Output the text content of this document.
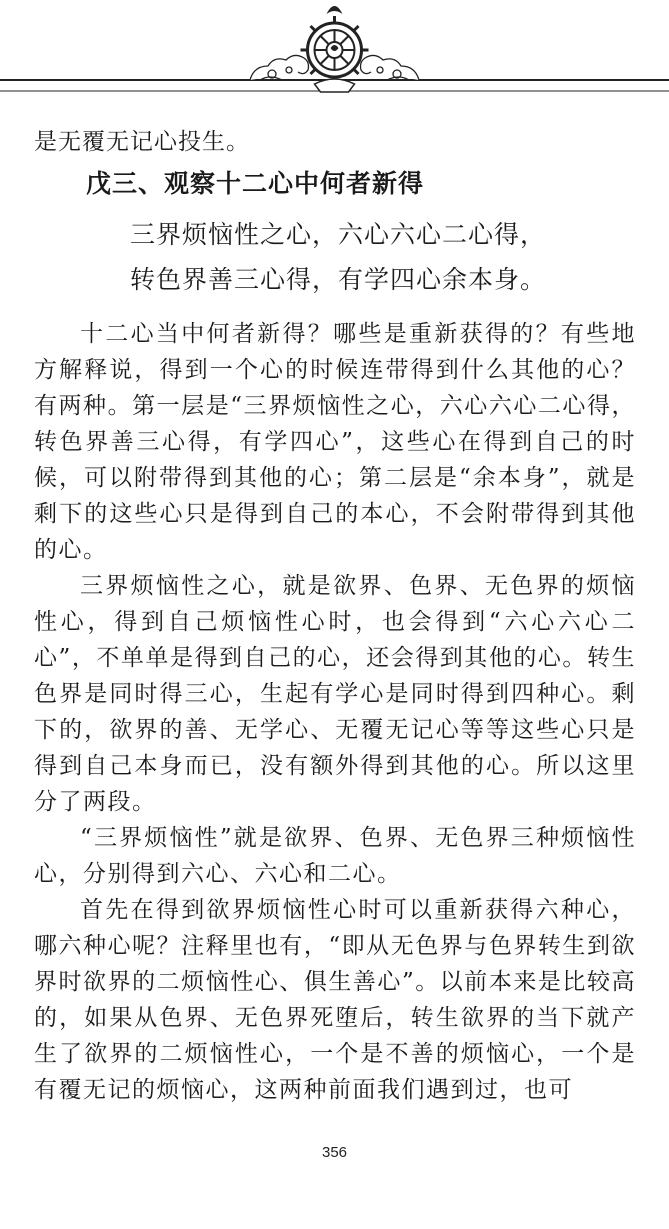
是无覆无记心投生。

戊三、观察十二心中何者新得

三界烦恼性之心，六心六心二心得，

转色界善三心得，有学四心余本身。

十二心当中何者新得？哪些是重新获得的？有些地方解释说，得到一个心的时候连带得到什么其他的心？有两种。第一层是“三界烦恼性之心，六心六心二心得，转色界善三心得，有学四心”，这些心在得到自己的时候，可以附带得到其他的心；第二层是“余本身”，就是剩下的这些心只是得到自己的本心，不会附带得到其他的心。

三界烦恼性之心，就是欲界、色界、无色界的烦恼性心，得到自己烦恼性心时，也会得到“六心六心二心”，不单单是得到自己的心，还会得到其他的心。转生色界是同时得三心，生起有学心是同时得到四种心。剩下的，欲界的善、无学心、无覆无记心等等这些心只是得到自己本身而已，没有额外得到其他的心。所以这里分了两段。

“三界烦恼性”就是欲界、色界、无色界三种烦恼性心，分别得到六心、六心和二心。

首先在得到欲界烦恼性心时可以重新获得六种心，哪六种心呢？注释里也有，“即从无色界与色界转生到欲界时欲界的二烦恼性心、俱生善心”。以前本来是比较高的，如果从色界、无色界死堕后，转生欲界的当下就产生了欲界的二烦恼性心，一个是不善的烦恼心，一个是有覆无记的烦恼心，这两种前面我们遇到过，也可

356
